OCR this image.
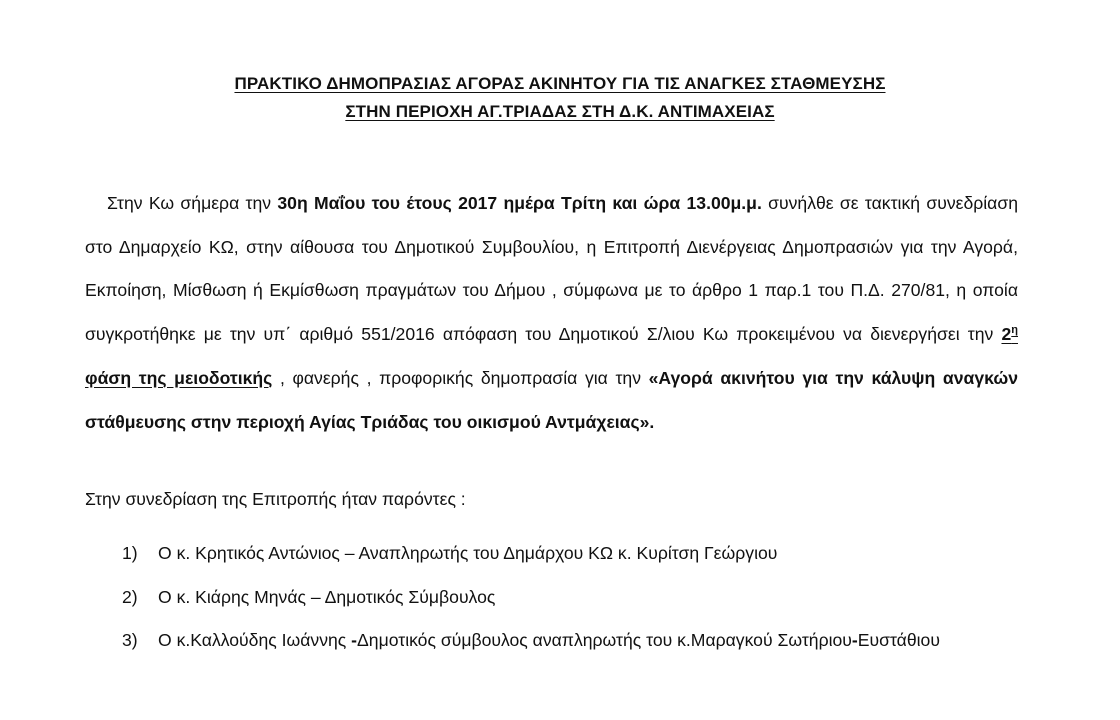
ΠΡΑΚΤΙΚΟ ΔΗΜΟΠΡΑΣΙΑΣ ΑΓΟΡΑΣ ΑΚΙΝΗΤΟΥ ΓΙΑ ΤΙΣ ΑΝΑΓΚΕΣ ΣΤΑΘΜΕΥΣΗΣ
ΣΤΗΝ ΠΕΡΙΟΧΗ ΑΓ.ΤΡΙΑΔΑΣ ΣΤΗ Δ.Κ. ΑΝΤΙΜΑΧΕΙΑΣ

Στην Κω σήμερα την 30η Μαΐου του έτους 2017 ημέρα Τρίτη και ώρα 13.00μ.μ. συνήλθε σε τακτική συνεδρίαση στο Δημαρχείο ΚΩ, στην αίθουσα του Δημοτικού Συμβουλίου, η Επιτροπή Διενέργειας Δημοπρασιών για την Αγορά, Εκποίηση, Μίσθωση ή Εκμίσθωση πραγμάτων του Δήμου , σύμφωνα με το άρθρο 1 παρ.1 του Π.Δ. 270/81, η οποία συγκροτήθηκε με την υπ΄ αριθμό 551/2016 απόφαση του Δημοτικού Σ/λιου Κω προκειμένου να διενεργήσει την $2^\eta$ φάση της μειοδοτικής , φανερής , προφορικής δημοπρασία για την «Αγορά ακινήτου για την κάλυψη αναγκών στάθμευσης στην περιοχή Αγίας Τριάδας του οικισμού Αντμάχειας».

Στην συνεδρίαση της Επιτροπής ήταν παρόντες :

1) Ο κ. Κρητικός Αντώνιος – Αναπληρωτής του Δημάρχου ΚΩ κ. Κυρίτση Γεώργιου
2) Ο κ. Κιάρης Μηνάς – Δημοτικός Σύμβουλος
3) Ο κ.Καλλούδης Ιωάννης -Δημοτικός σύμβουλος αναπληρωτής του κ.Μαραγκού Σωτήριου-Ευστάθιου
